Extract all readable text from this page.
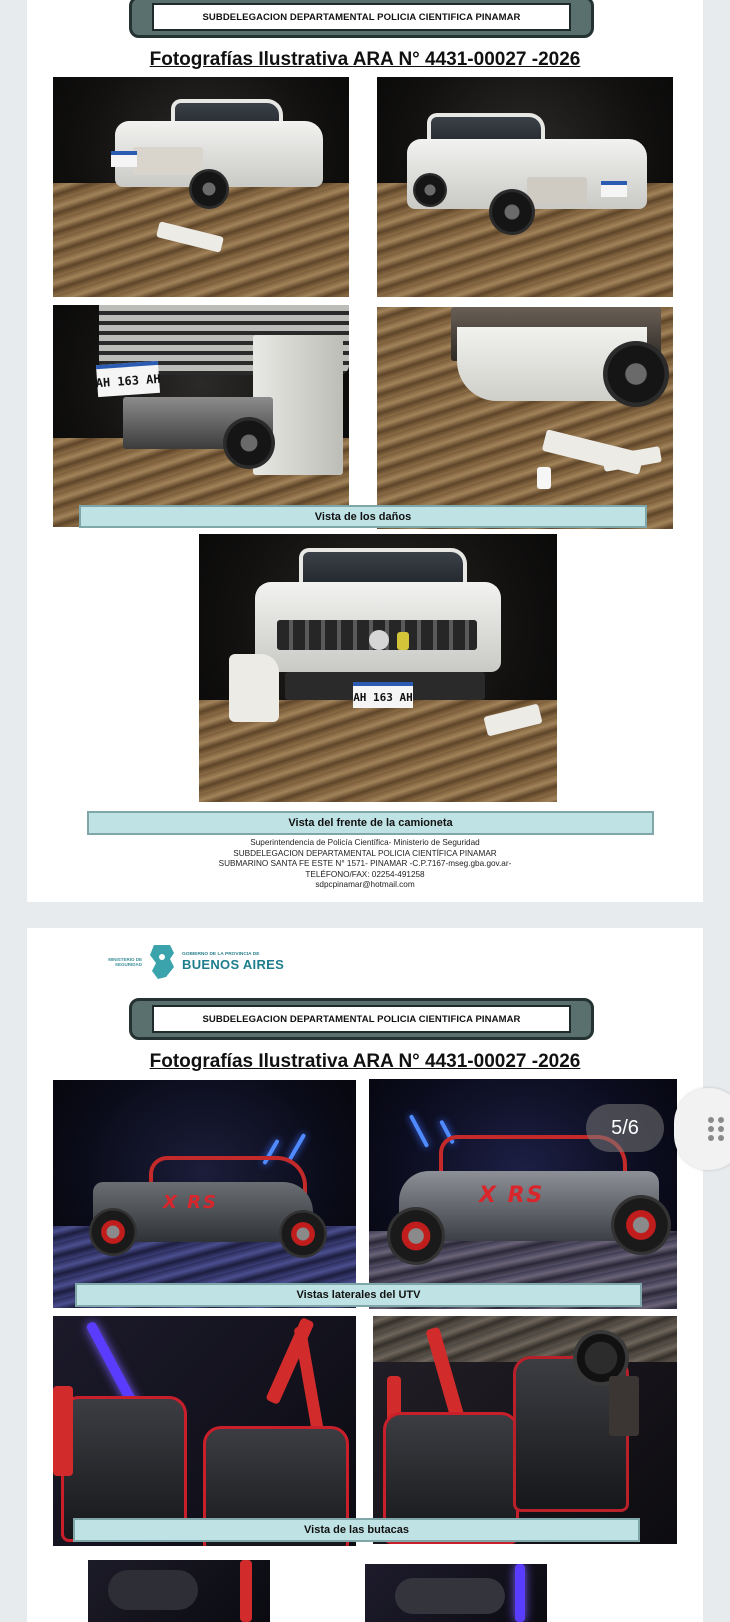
SUBDELEGACION DEPARTAMENTAL POLICIA CIENTIFICA PINAMAR
Fotografías Ilustrativa ARA N° 4431-00027 -2026
AH 163 AH
Vista de los daños
AH 163 AH
Vista del frente de la camioneta
Superintendencia de Policía Científica- Ministerio de Seguridad
SUBDELEGACION DEPARTAMENTAL POLICIA CIENTÍFICA PINAMAR
SUBMARINO SANTA FE ESTE N° 1571- PINAMAR -C.P.7167-mseg.gba.gov.ar-
TELÉFONO/FAX: 02254-491258
sdpcpinamar@hotmail.com
SUBDELEGACION DEPARTAMENTAL POLICIA CIENTIFICA PINAMAR
Fotografías Ilustrativa ARA N° 4431-00027 -2026
MINISTERIO DE SEGURIDAD
GOBIERNO DE LA PROVINCIA DE
BUENOS AIRES
X RS	X RS
Vistas laterales del UTV
Vista de las butacas
5/6
